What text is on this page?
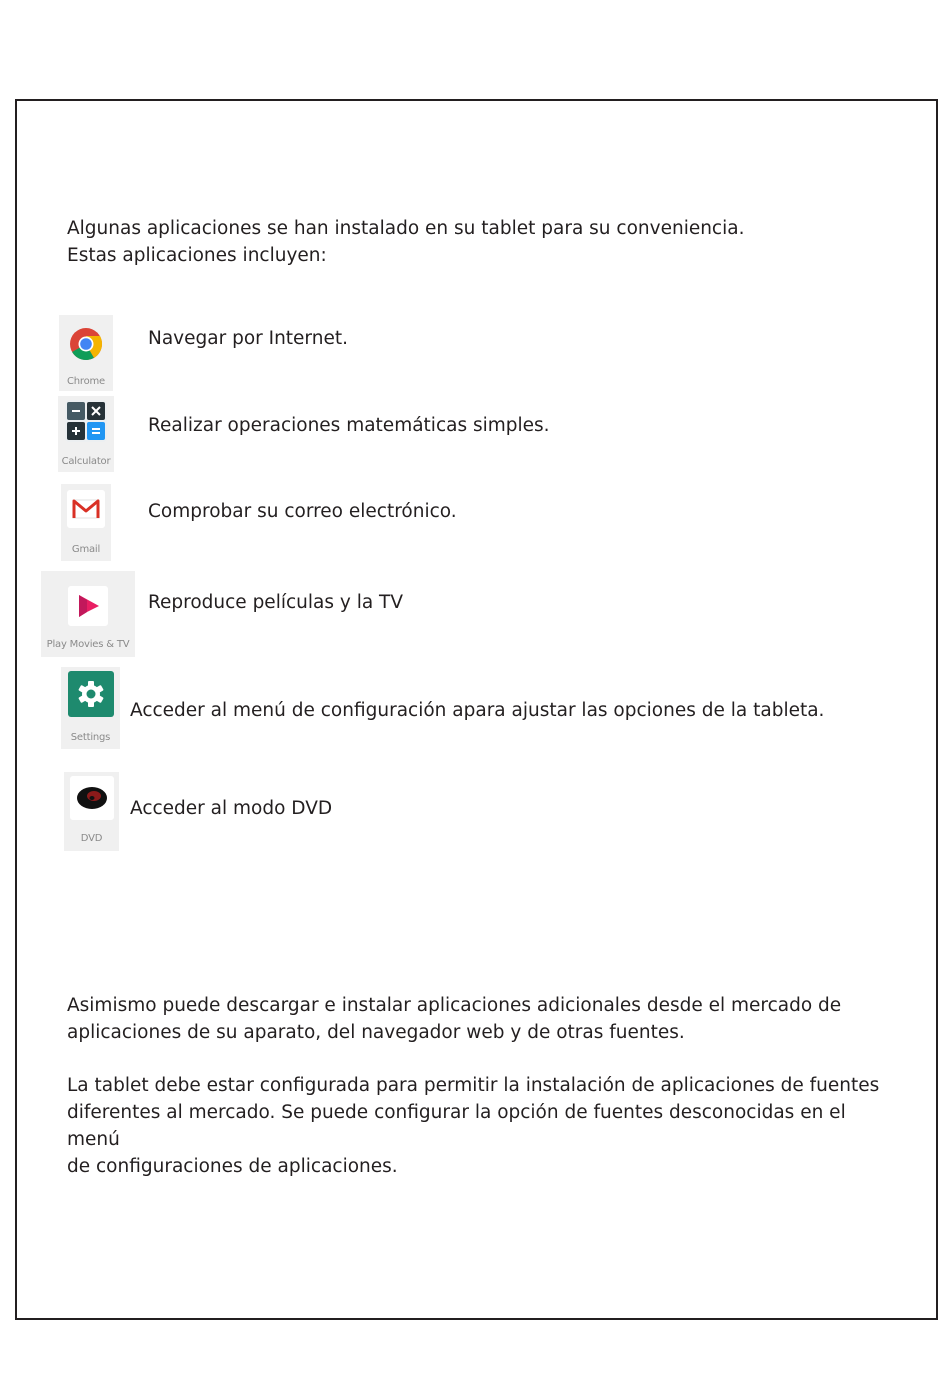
Algunas aplicaciones se han instalado en su tablet para su conveniencia.

Estas aplicaciones incluyen:

Chrome
Navegar por Internet.
Calculator
Realizar operaciones matemáticas simples.
Gmail
Comprobar su correo electrónico.
Play Movies & TV
Reproduce películas y la TV
Settings
Acceder al menú de configuración apara ajustar las opciones de la tableta.
DVD
Acceder al modo DVD

Asimismo puede descargar e instalar aplicaciones adicionales desde el mercado de

aplicaciones de su aparato, del navegador web y de otras fuentes.

La tablet debe estar configurada para permitir la instalación de aplicaciones de fuentes

diferentes al mercado. Se puede configurar la opción de fuentes desconocidas en el menú

de configuraciones de aplicaciones.
